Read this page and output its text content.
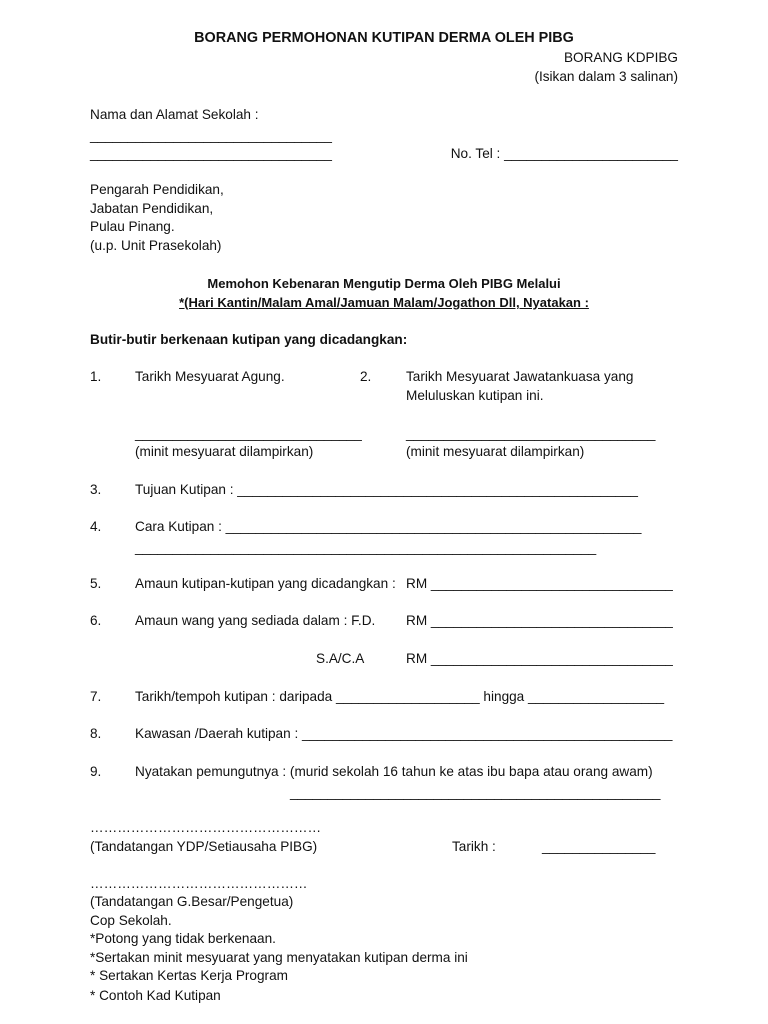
BORANG PERMOHONAN KUTIPAN DERMA OLEH PIBG
BORANG KDPIBG
(Isikan dalam 3 salinan)
Nama dan Alamat Sekolah :
________________________________
________________________________	No. Tel : _______________________
Pengarah Pendidikan,
Jabatan Pendidikan,
Pulau Pinang.
(u.p. Unit Prasekolah)
Memohon Kebenaran Mengutip Derma Oleh PIBG Melalui
*(Hari Kantin/Malam Amal/Jamuan Malam/Jogathon Dll, Nyatakan :
Butir-butir berkenaan kutipan yang dicadangkan:
1. Tarikh Mesyuarat Agung.	2.	Tarikh Mesyuarat Jawatankuasa yang
Meluluskan kutipan ini.
______________________________
(minit mesyuarat dilampirkan)
_________________________________
(minit mesyuarat dilampirkan)
3. Tujuan Kutipan : _____________________________________________________
4. Cara Kutipan : _______________________________________________________
_____________________________________________________________
5. Amaun kutipan-kutipan yang dicadangkan : RM ________________________________
6. Amaun wang yang sediada dalam : F.D. RM ________________________________
S.A/C.A	RM ________________________________
7. Tarikh/tempoh kutipan : daripada ___________________ hingga __________________
8. Kawasan /Daerah kutipan : _________________________________________________
9. Nyatakan pemungutnya : (murid sekolah 16 tahun ke atas ibu bapa atau orang awam)
_________________________________________________
……………………………………………
(Tandatangan YDP/Setiausaha PIBG)	Tarikh :	_______________
…………………………………………
(Tandatangan G.Besar/Pengetua)
Cop Sekolah.
*Potong yang tidak berkenaan.
*Sertakan minit mesyuarat yang menyatakan kutipan derma ini
* Sertakan Kertas Kerja Program
* Contoh Kad Kutipan
